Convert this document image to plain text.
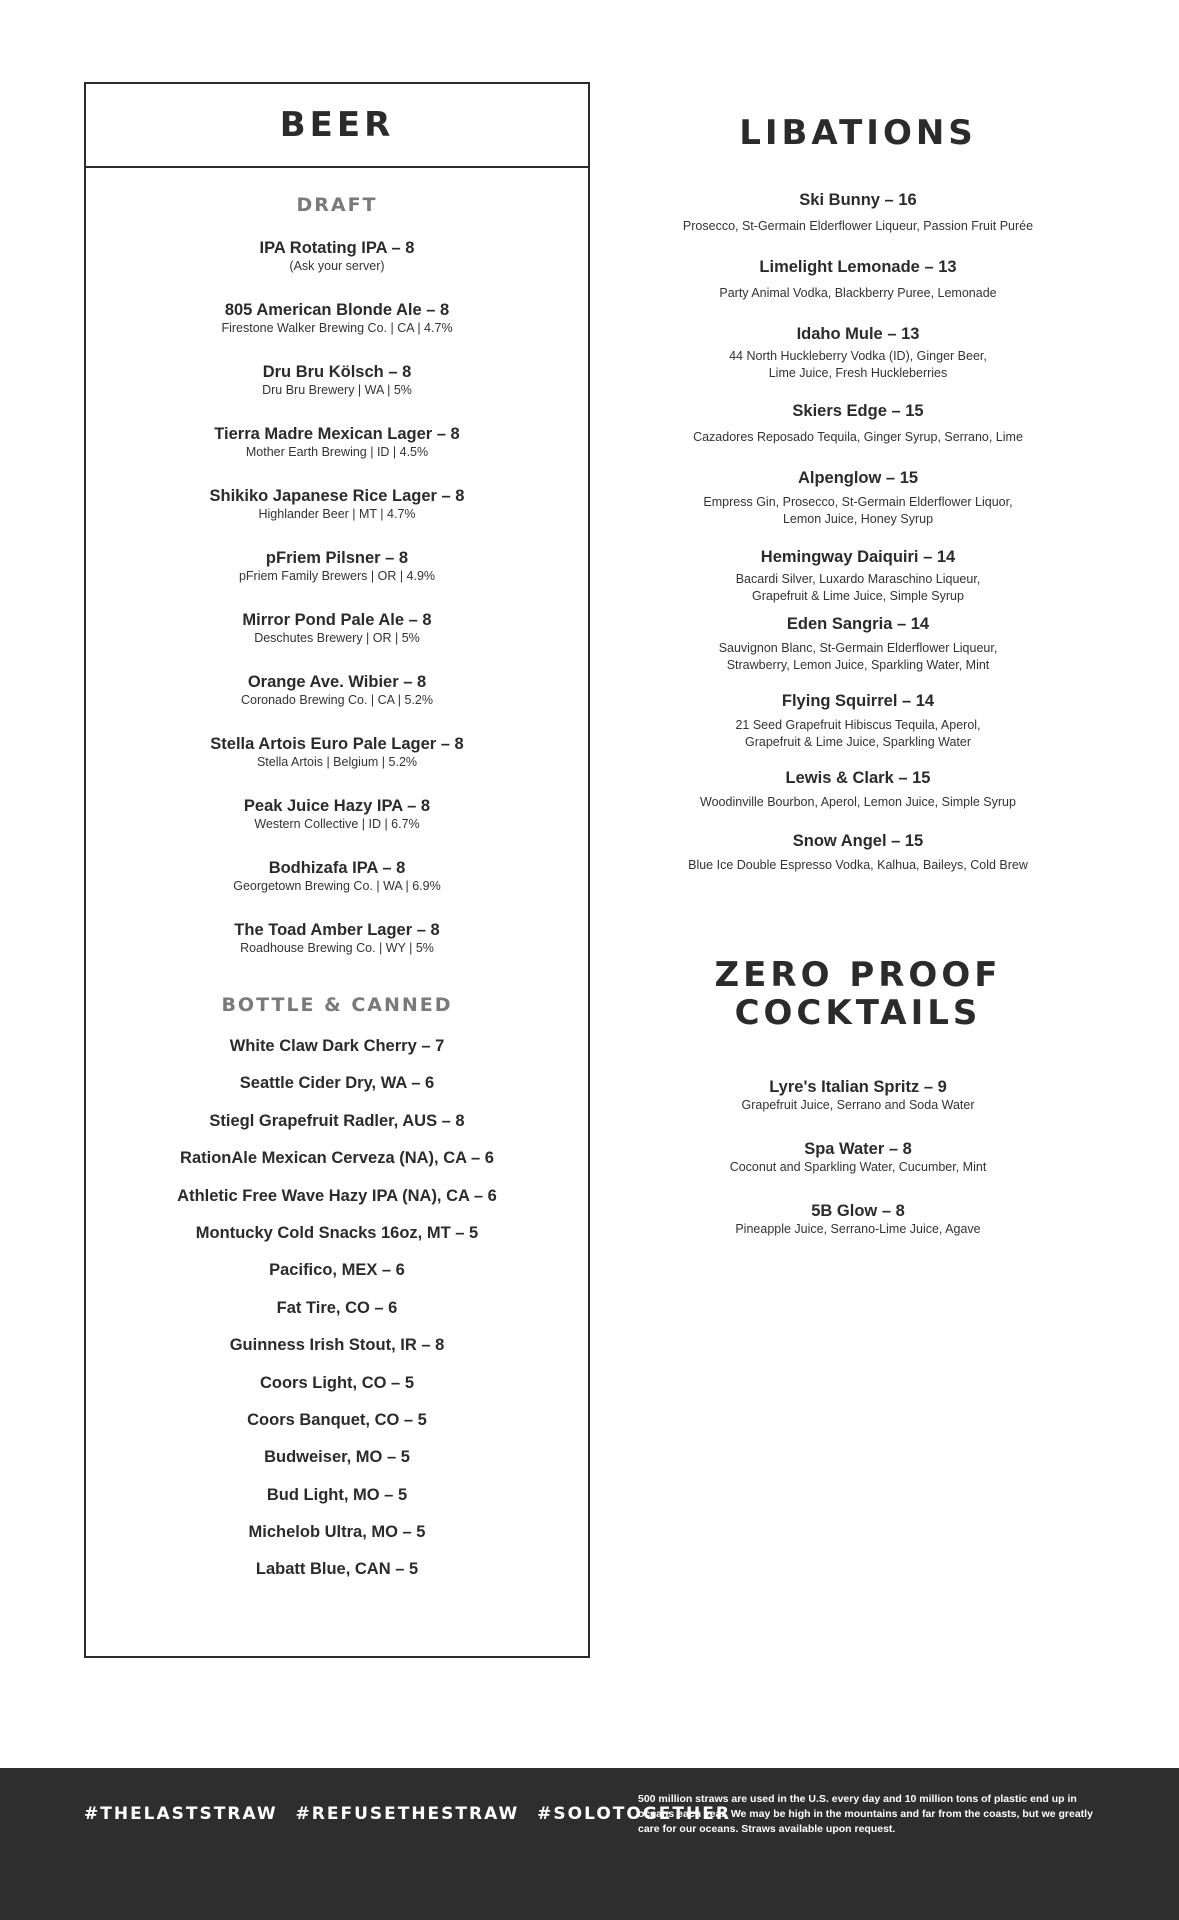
BEER
DRAFT
IPA Rotating IPA – 8
(Ask your server)
805 American Blonde Ale – 8
Firestone Walker Brewing Co. | CA | 4.7%
Dru Bru Kölsch – 8
Dru Bru Brewery | WA | 5%
Tierra Madre Mexican Lager – 8
Mother Earth Brewing | ID | 4.5%
Shikiko Japanese Rice Lager – 8
Highlander Beer | MT | 4.7%
pFriem Pilsner – 8
pFriem Family Brewers | OR | 4.9%
Mirror Pond Pale Ale – 8
Deschutes Brewery | OR | 5%
Orange Ave. Wibier – 8
Coronado Brewing Co. | CA | 5.2%
Stella Artois Euro Pale Lager – 8
Stella Artois | Belgium | 5.2%
Peak Juice Hazy IPA – 8
Western Collective | ID | 6.7%
Bodhizafa IPA – 8
Georgetown Brewing Co. | WA | 6.9%
The Toad Amber Lager – 8
Roadhouse Brewing Co. | WY | 5%
BOTTLE & CANNED
White Claw Dark Cherry – 7
Seattle Cider Dry, WA – 6
Stiegl Grapefruit Radler, AUS – 8
RationAle Mexican Cerveza (NA), CA – 6
Athletic Free Wave Hazy IPA (NA), CA – 6
Montucky Cold Snacks 16oz, MT – 5
Pacifico, MEX – 6
Fat Tire, CO – 6
Guinness Irish Stout, IR – 8
Coors Light, CO – 5
Coors Banquet, CO – 5
Budweiser, MO – 5
Bud Light, MO – 5
Michelob Ultra, MO – 5
Labatt Blue, CAN – 5
LIBATIONS
Ski Bunny – 16
Prosecco, St-Germain Elderflower Liqueur, Passion Fruit Purée
Limelight Lemonade – 13
Party Animal Vodka, Blackberry Puree, Lemonade
Idaho Mule – 13
44 North Huckleberry Vodka (ID), Ginger Beer,
Lime Juice, Fresh Huckleberries
Skiers Edge – 15
Cazadores Reposado Tequila, Ginger Syrup, Serrano, Lime
Alpenglow – 15
Empress Gin, Prosecco, St-Germain Elderflower Liquor,
Lemon Juice, Honey Syrup
Hemingway Daiquiri – 14
Bacardi Silver, Luxardo Maraschino Liqueur,
Grapefruit & Lime Juice, Simple Syrup
Eden Sangria – 14
Sauvignon Blanc, St-Germain Elderflower Liqueur,
Strawberry, Lemon Juice, Sparkling Water, Mint
Flying Squirrel – 14
21 Seed Grapefruit Hibiscus Tequila, Aperol,
Grapefruit & Lime Juice, Sparkling Water
Lewis & Clark – 15
Woodinville Bourbon, Aperol, Lemon Juice, Simple Syrup
Snow Angel – 15
Blue Ice Double Espresso Vodka, Kalhua, Baileys, Cold Brew
ZERO PROOF
COCKTAILS
Lyre's Italian Spritz – 9
Grapefruit Juice, Serrano and Soda Water
Spa Water – 8
Coconut and Sparkling Water, Cucumber, Mint
5B Glow – 8
Pineapple Juice, Serrano-Lime Juice, Agave
#THELASTSTRAW #REFUSETHESTRAW #SOLOTOGETHER
500 million straws are used in the U.S. every day and 10 million tons of plastic end up in oceans each year. We may be high in the mountains and far from the coasts, but we greatly care for our oceans. Straws available upon request.
